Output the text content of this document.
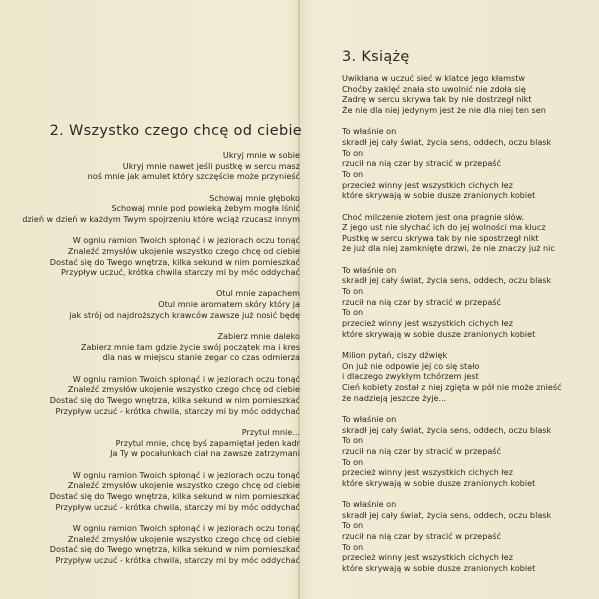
2. Wszystko czego chcę od ciebie
Ukryj mnie w sobie
Ukryj mnie nawet jeśli pustkę w sercu masz
noś mnie jak amulet który szczęście może przynieść
Schowaj mnie głęboko
Schowaj mnie pod powieką żebym mogła lśnić
dzień w dzień w każdym Twym spojrzeniu które wciąż rzucasz innym
W ogniu ramion Twoich spłonąć i w jeziorach oczu tonąć
Znaleźć zmysłów ukojenie wszystko czego chcę od ciebie
Dostać się do Twego wnętrza, kilka sekund w nim pomieszkać
Przypływ uczuć, krótka chwila starczy mi by móc oddychać
Otul mnie zapachem
Otul mnie aromatem skóry który ja
jak strój od najdroższych krawców zawsze już nosić będę
Zabierz mnie daleko
Zabierz mnie tam gdzie życie swój początek ma i kres
dla nas w miejscu stanie zegar co czas odmierza
W ogniu ramion Twoich spłonąć i w jeziorach oczu tonąć
Znaleźć zmysłów ukojenie wszystko czego chcę od ciebie
Dostać się do Twego wnętrza, kilka sekund w nim pomieszkać
Przypływ uczuć - krótka chwila, starczy mi by móc oddychać
Przytul mnie...
Przytul mnie, chcę byś zapamiętał jeden kadr
Ja Ty w pocałunkach ciał na zawsze zatrzymani
W ogniu ramion Twoich spłonąć i w jeziorach oczu tonąć
Znaleźć zmysłów ukojenie wszystko czego chcę od ciebie
Dostać się do Twego wnętrza, kilka sekund w nim pomieszkać
Przypływ uczuć - krótka chwila, starczy mi by móc oddychać
W ogniu ramion Twoich spłonąć i w jeziorach oczu tonąć
Znaleźć zmysłów ukojenie wszystko czego chcę od ciebie
Dostać się do Twego wnętrza, kilka sekund w nim pomieszkać
Przypływ uczuć - krótka chwila, starczy mi by móc oddychać
3. Książę
Uwikłana w uczuć sieć w klatce jego kłamstw
Choćby zaklęć znała sto uwolnić nie zdoła się
Zadrę w sercu skrywa tak by nie dostrzegł nikt
Że nie dla niej jedynym jest że nie dla niej ten sen
To właśnie on
skradł jej cały świat, życia sens, oddech, oczu blask
To on
rzucił na nią czar by stracić w przepaść
To on
przecież winny jest wszystkich cichych łez
które skrywają w sobie dusze zranionych kobiet
Choć milczenie złotem jest ona pragnie słów.
Z jego ust nie słychać ich do jej wolności ma klucz
Pustkę w sercu skrywa tak by nie spostrzegł nikt
że już dla niej zamknięte drzwi, że nie znaczy już nic
To właśnie on
skradł jej cały świat, życia sens, oddech, oczu blask
To on
rzucił na nią czar by stracić w przepaść
To on
przecież winny jest wszystkich cichych łez
które skrywają w sobie dusze zranionych kobiet
Milion pytań, ciszy dźwięk
On już nie odpowie jej co się stało
i dlaczego zwykłym tchórzem jest
Cień kobiety został z niej zgięta w pół nie może znieść
że nadzieją jeszcze żyje...
To właśnie on
skradł jej cały świat, życia sens, oddech, oczu blask
To on
rzucił na nią czar by stracić w przepaść
To on
przecież winny jest wszystkich cichych łez
które skrywają w sobie dusze zranionych kobiet
To właśnie on
skradł jej cały świat, życia sens, oddech, oczu blask
To on
rzucił na nią czar by stracić w przepaść
To on
przecież winny jest wszystkich cichych łez
które skrywają w sobie dusze zranionych kobiet
